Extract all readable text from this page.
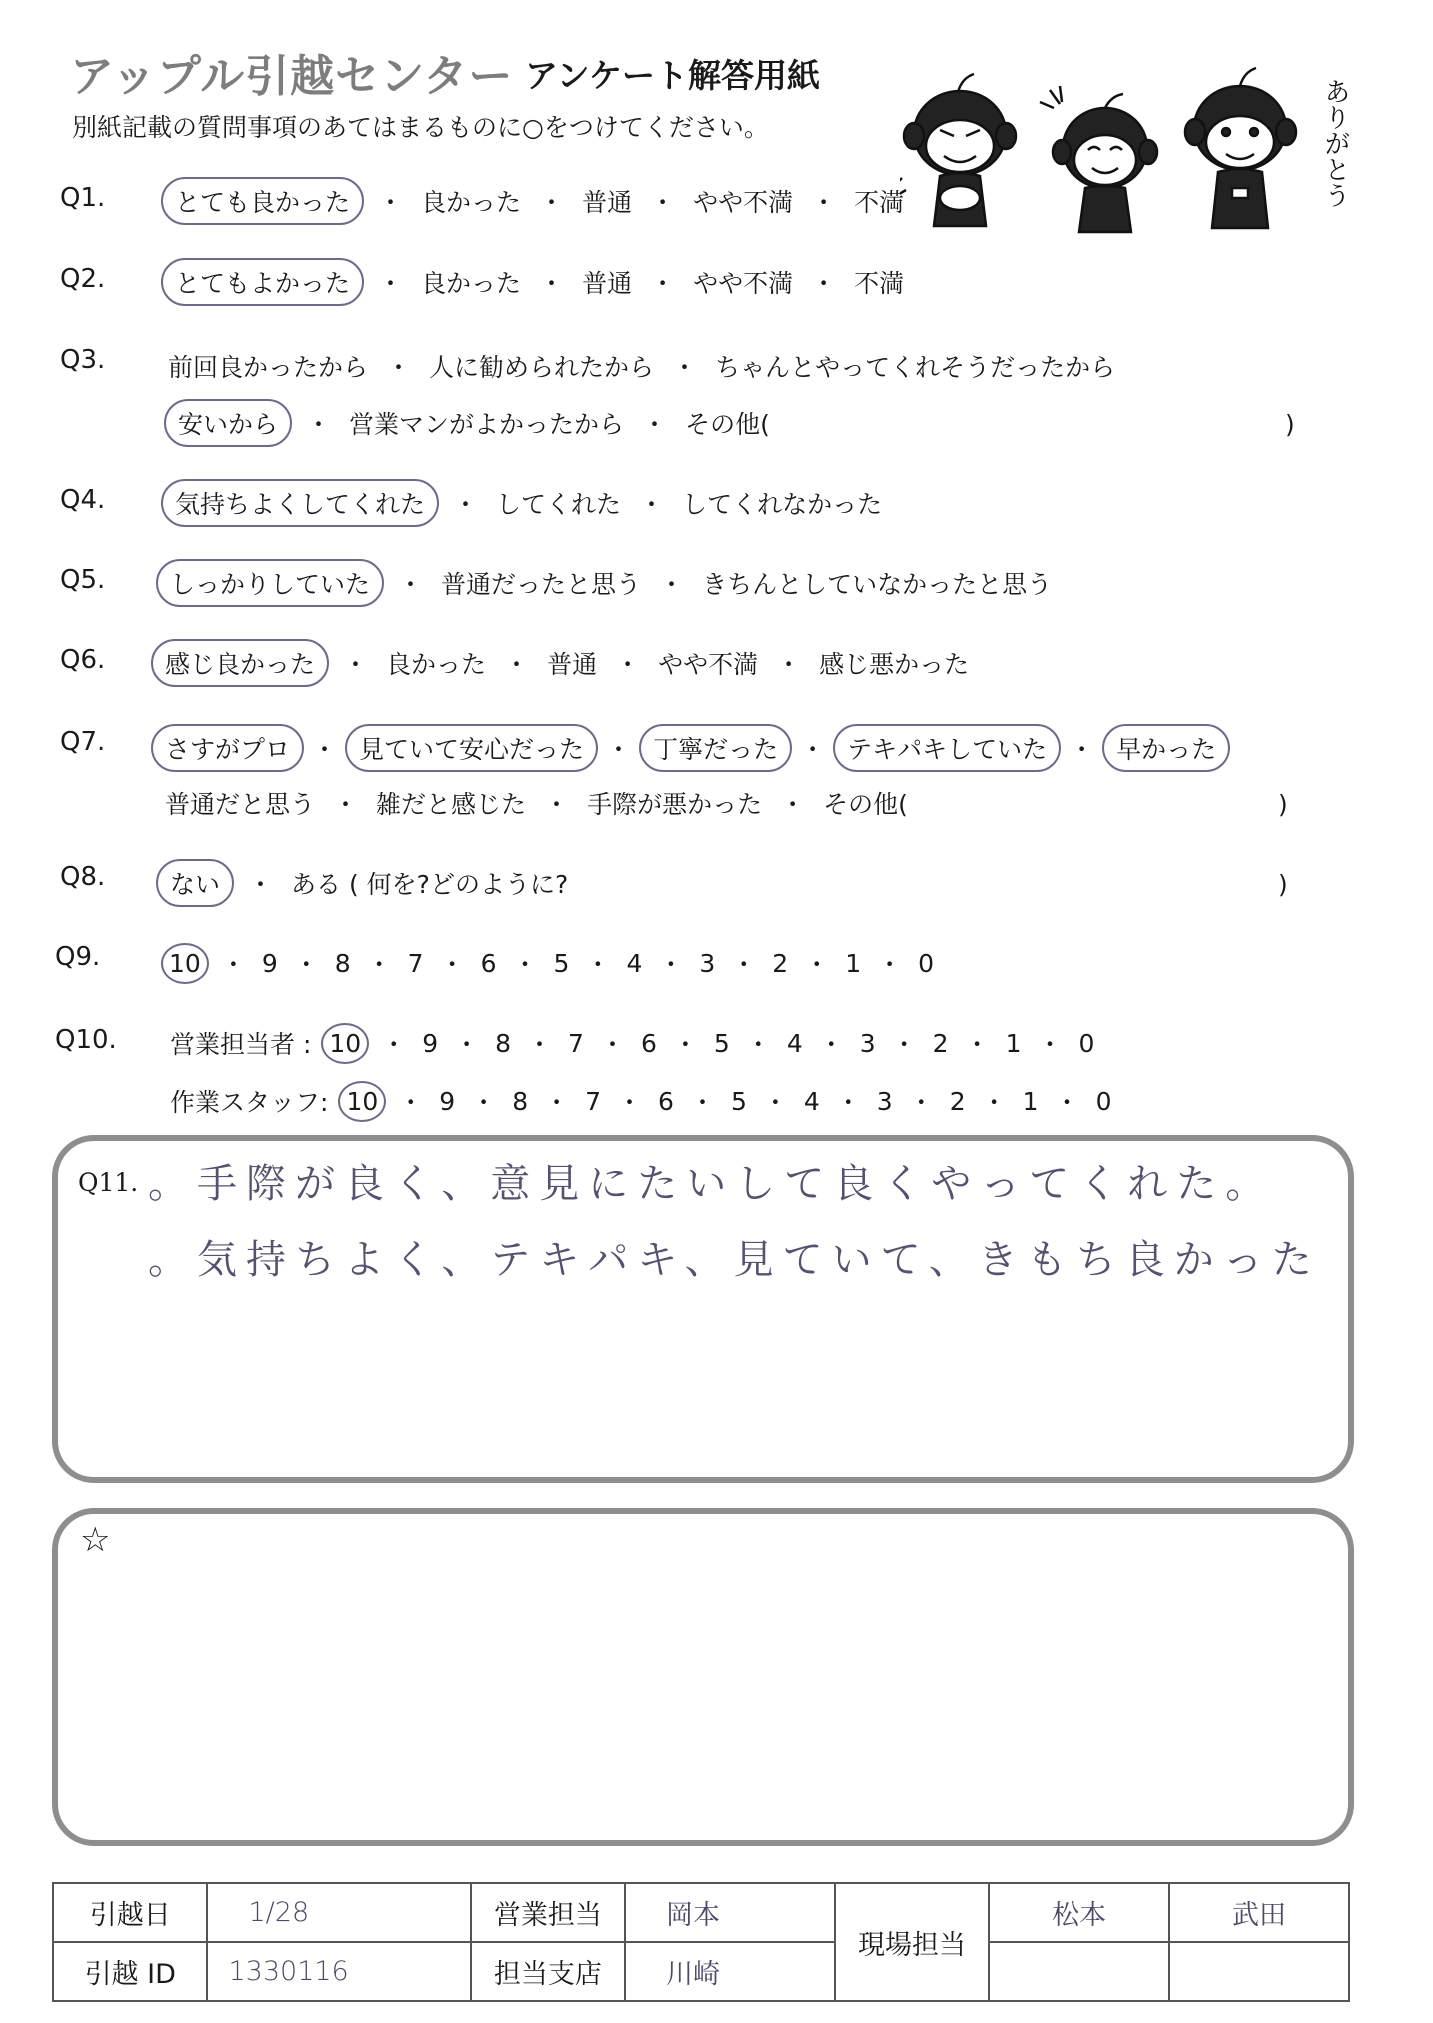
アップル引越センター アンケート解答用紙
別紙記載の質問事項のあてはまるものに○をつけてください。	ありがとう
Q1.	とても良かった	・ 良かった ・ 普通 ・ やや不満 ・ 不満
Q2.	とてもよかった	・ 良かった ・ 普通 ・ やや不満 ・ 不満
Q3.	前回良かったから ・ 人に勧められたから ・ ちゃんとやってくれそうだったから
安いから	・ 営業マンがよかったから ・ その他(	)
Q4.	気持ちよくしてくれた	・ してくれた ・ してくれなかった
Q5.	しっかりしていた	・ 普通だったと思う ・ きちんとしていなかったと思う
Q6.	感じ良かった	・ 良かった ・ 普通 ・ やや不満 ・ 感じ悪かった
Q7.	さすがプロ ・ 見ていて安心だった ・ 丁寧だった ・ テキパキしていた ・ 早かった
普通だと思う ・ 雑だと感じた ・ 手際が悪かった ・ その他(	)
Q8.	ない	・ ある ( 何を?どのように?	)
Q9.	10 ・ 9 ・ 8 ・ 7 ・ 6 ・ 5 ・ 4 ・ 3 ・ 2 ・ 1 ・ 0
Q10. 営業担当者 : 10 ・ 9 ・ 8 ・ 7 ・ 6 ・ 5 ・ 4 ・ 3 ・ 2 ・ 1 ・ 0
作業スタッフ: 10 ・ 9 ・ 8 ・ 7 ・ 6 ・ 5 ・ 4 ・ 3 ・ 2 ・ 1 ・ 0
Q11. 。手際が良く、意見にたいして良くやってくれた。
。気持ちよく、テキパキ、見ていて、きもち良かった
☆
引越日	1/28	営業担当	岡本	現場担当	松本	武田
引越 ID	1330116	担当支店	川崎			
